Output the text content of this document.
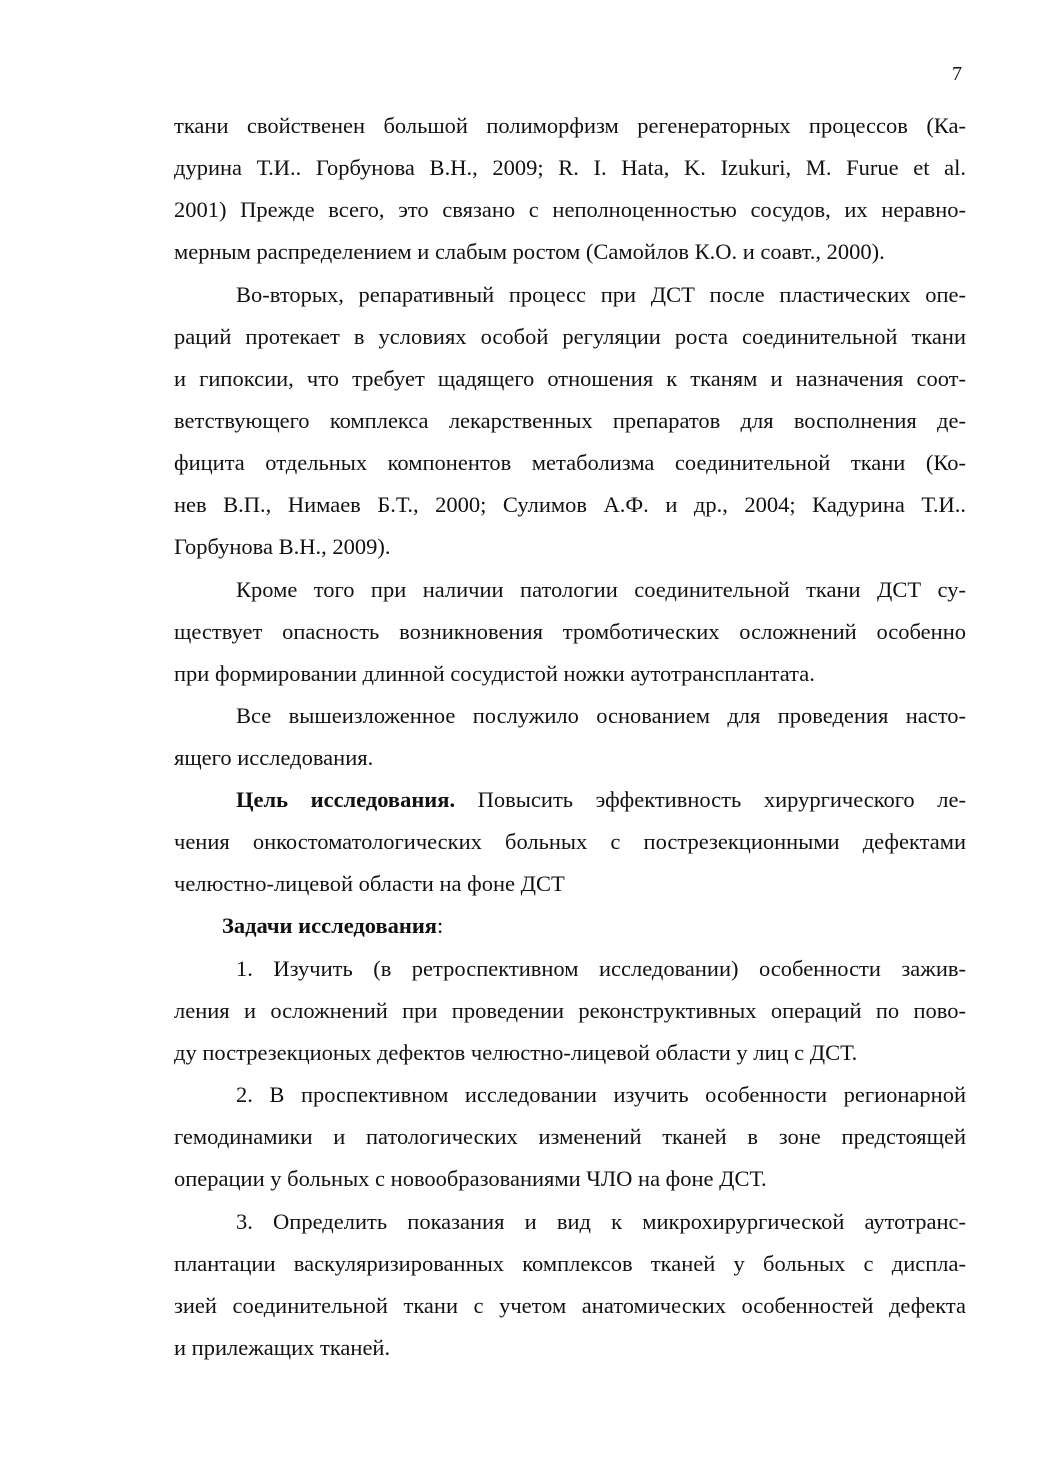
7
ткани свойственен большой полиморфизм регенераторных процессов (Ка-
дурина Т.И.. Горбунова В.Н., 2009; R. I. Hata, K. Izukuri, M. Furue et al.
2001) Прежде всего, это связано с неполноценностью сосудов, их неравно-
мерным распределением и слабым ростом (Самойлов К.О. и соавт., 2000).
Во-вторых, репаративный процесс при ДСТ после пластических опе-
раций протекает в условиях особой регуляции роста соединительной ткани
и гипоксии, что требует щадящего отношения к тканям и назначения соот-
ветствующего комплекса лекарственных препаратов для восполнения де-
фицита отдельных компонентов метаболизма соединительной ткани (Ко-
нев В.П., Нимаев Б.Т., 2000; Сулимов А.Ф. и др., 2004; Кадурина Т.И..
Горбунова В.Н., 2009).
Кроме того при наличии патологии соединительной ткани ДСТ су-
ществует опасность возникновения тромботических осложнений особенно
при формировании длинной сосудистой ножки аутотрансплантата.
Все вышеизложенное послужило основанием для проведения насто-
ящего исследования.
Цель исследования. Повысить эффективность хирургического ле-
чения онкостоматологических больных с пострезекционными дефектами
челюстно-лицевой области на фоне ДСТ
Задачи исследования:
1. Изучить (в ретроспективном исследовании) особенности зажив-
ления и осложнений при проведении реконструктивных операций по пово-
ду пострезекционых дефектов челюстно-лицевой области у лиц с ДСТ.
2. В проспективном исследовании изучить особенности регионарной
гемодинамики и патологических изменений тканей в зоне предстоящей
операции у больных с новообразованиями ЧЛО на фоне ДСТ.
3. Определить показания и вид к микрохирургической аутотранс-
плантации васкуляризированных комплексов тканей у больных с диспла-
зией соединительной ткани с учетом анатомических особенностей дефекта
и прилежащих тканей.
